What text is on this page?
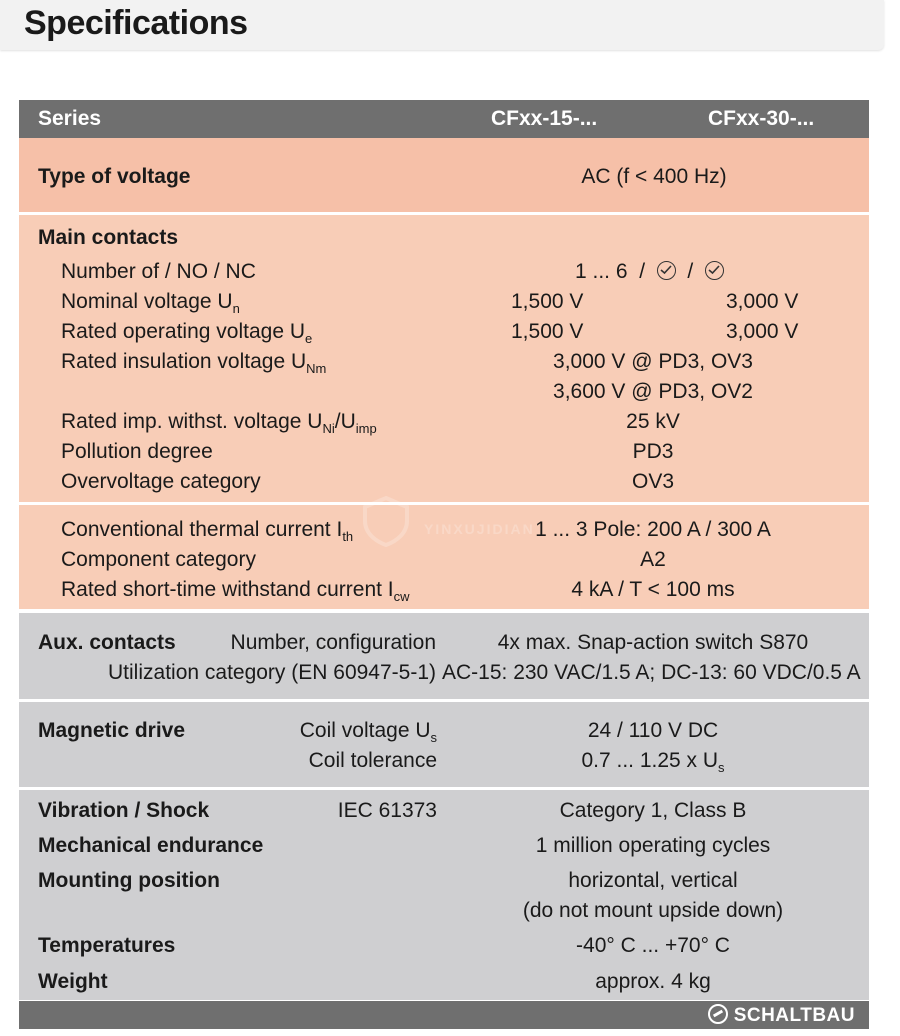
Specifications
Series	CFxx-15-...	CFxx-30-...
Type of voltage	AC (f < 400 Hz)
Main contacts
Number of / NO / NC	1 ... 6 / /
Nominal voltage $U_n$	1,500 V	3,000 V
Rated operating voltage $U_e$	1,500 V	3,000 V
Rated insulation voltage $U_{Nm}$	3,000 V @ PD3, OV3
3,600 V @ PD3, OV2
Rated imp. withst. voltage $U_{Ni}/U_{imp}$	25 kV
Pollution degree	PD3
Overvoltage category	OV3
Conventional thermal current $I_{th}$	1 ... 3 Pole: 200 A / 300 A
Component category	A2
Rated short-time withstand current $I_{cw}$	4 kA / T < 100 ms
Aux. contacts	Number, configuration	4x max. Snap-action switch S870
Utilization category (EN 60947-5-1) AC-15: 230 VAC/1.5 A; DC-13: 60 VDC/0.5 A
Magnetic drive	Coil voltage $U_s$	24 / 110 V DC
Coil tolerance	0.7 ... 1.25 x $U_s$
Vibration / Shock	IEC 61373	Category 1, Class B
Mechanical endurance	1 million operating cycles
Mounting position	horizontal, vertical
(do not mount upside down)
Temperatures	-40° C ... +70° C
Weight	approx. 4 kg
SCHALTBAU
YINXUJIDIAN
